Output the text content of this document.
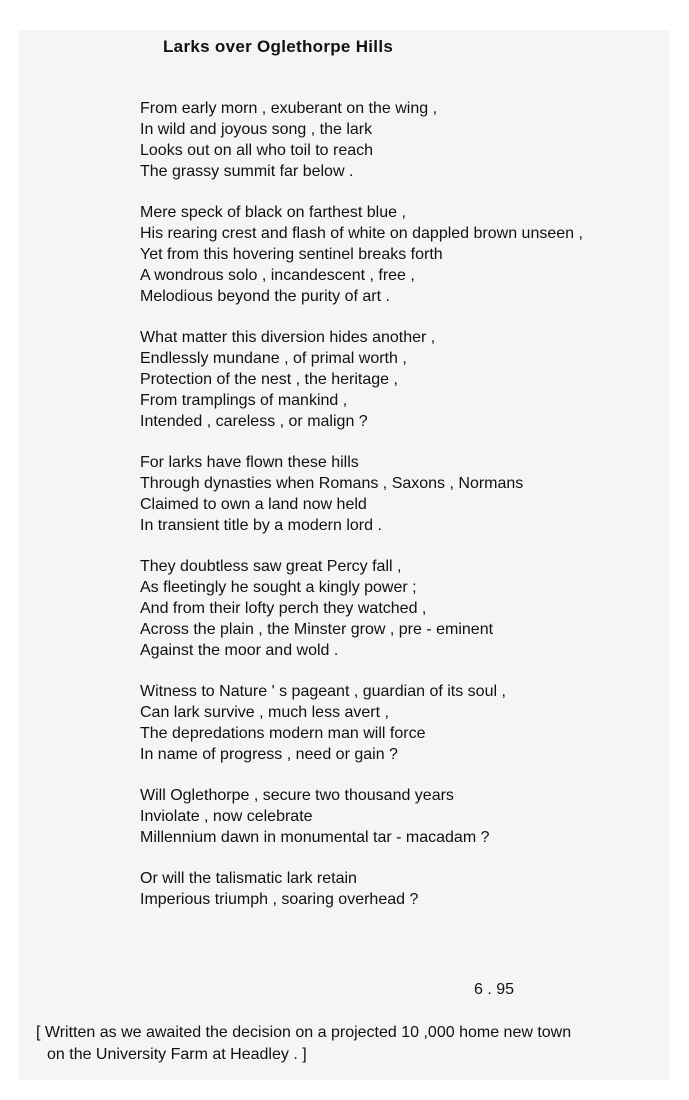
Larks over Oglethorpe Hills
From early morn , exuberant on the wing ,
In wild and joyous song , the lark
Looks out on all who toil to reach
The grassy summit far below .
Mere speck of black on farthest blue ,
His rearing crest and flash of white on dappled brown unseen ,
Yet from this hovering sentinel breaks forth
A wondrous solo , incandescent , free ,
Melodious beyond the purity of art .
What matter this diversion hides another ,
Endlessly mundane , of primal worth ,
Protection of the nest , the heritage ,
From tramplings of mankind ,
Intended , careless , or malign ?
For larks have flown these hills
Through dynasties when Romans , Saxons , Normans
Claimed to own a land now held
In transient title by a modern lord .
They doubtless saw great Percy fall ,
As fleetingly he sought a kingly power ;
And from their lofty perch they watched ,
Across the plain , the Minster grow , pre - eminent
Against the moor and wold .
Witness to Nature ' s pageant , guardian of its soul ,
Can lark survive , much less avert ,
The depredations modern man will force
In name of progress , need or gain ?
Will Oglethorpe , secure two thousand years
Inviolate , now celebrate
Millennium dawn in monumental tar - macadam ?
Or will the talismatic lark retain
Imperious triumph , soaring overhead ?
6 . 95
[ Written as we awaited the decision on a projected 10 ,000 home new town
on the University Farm at Headley . ]
